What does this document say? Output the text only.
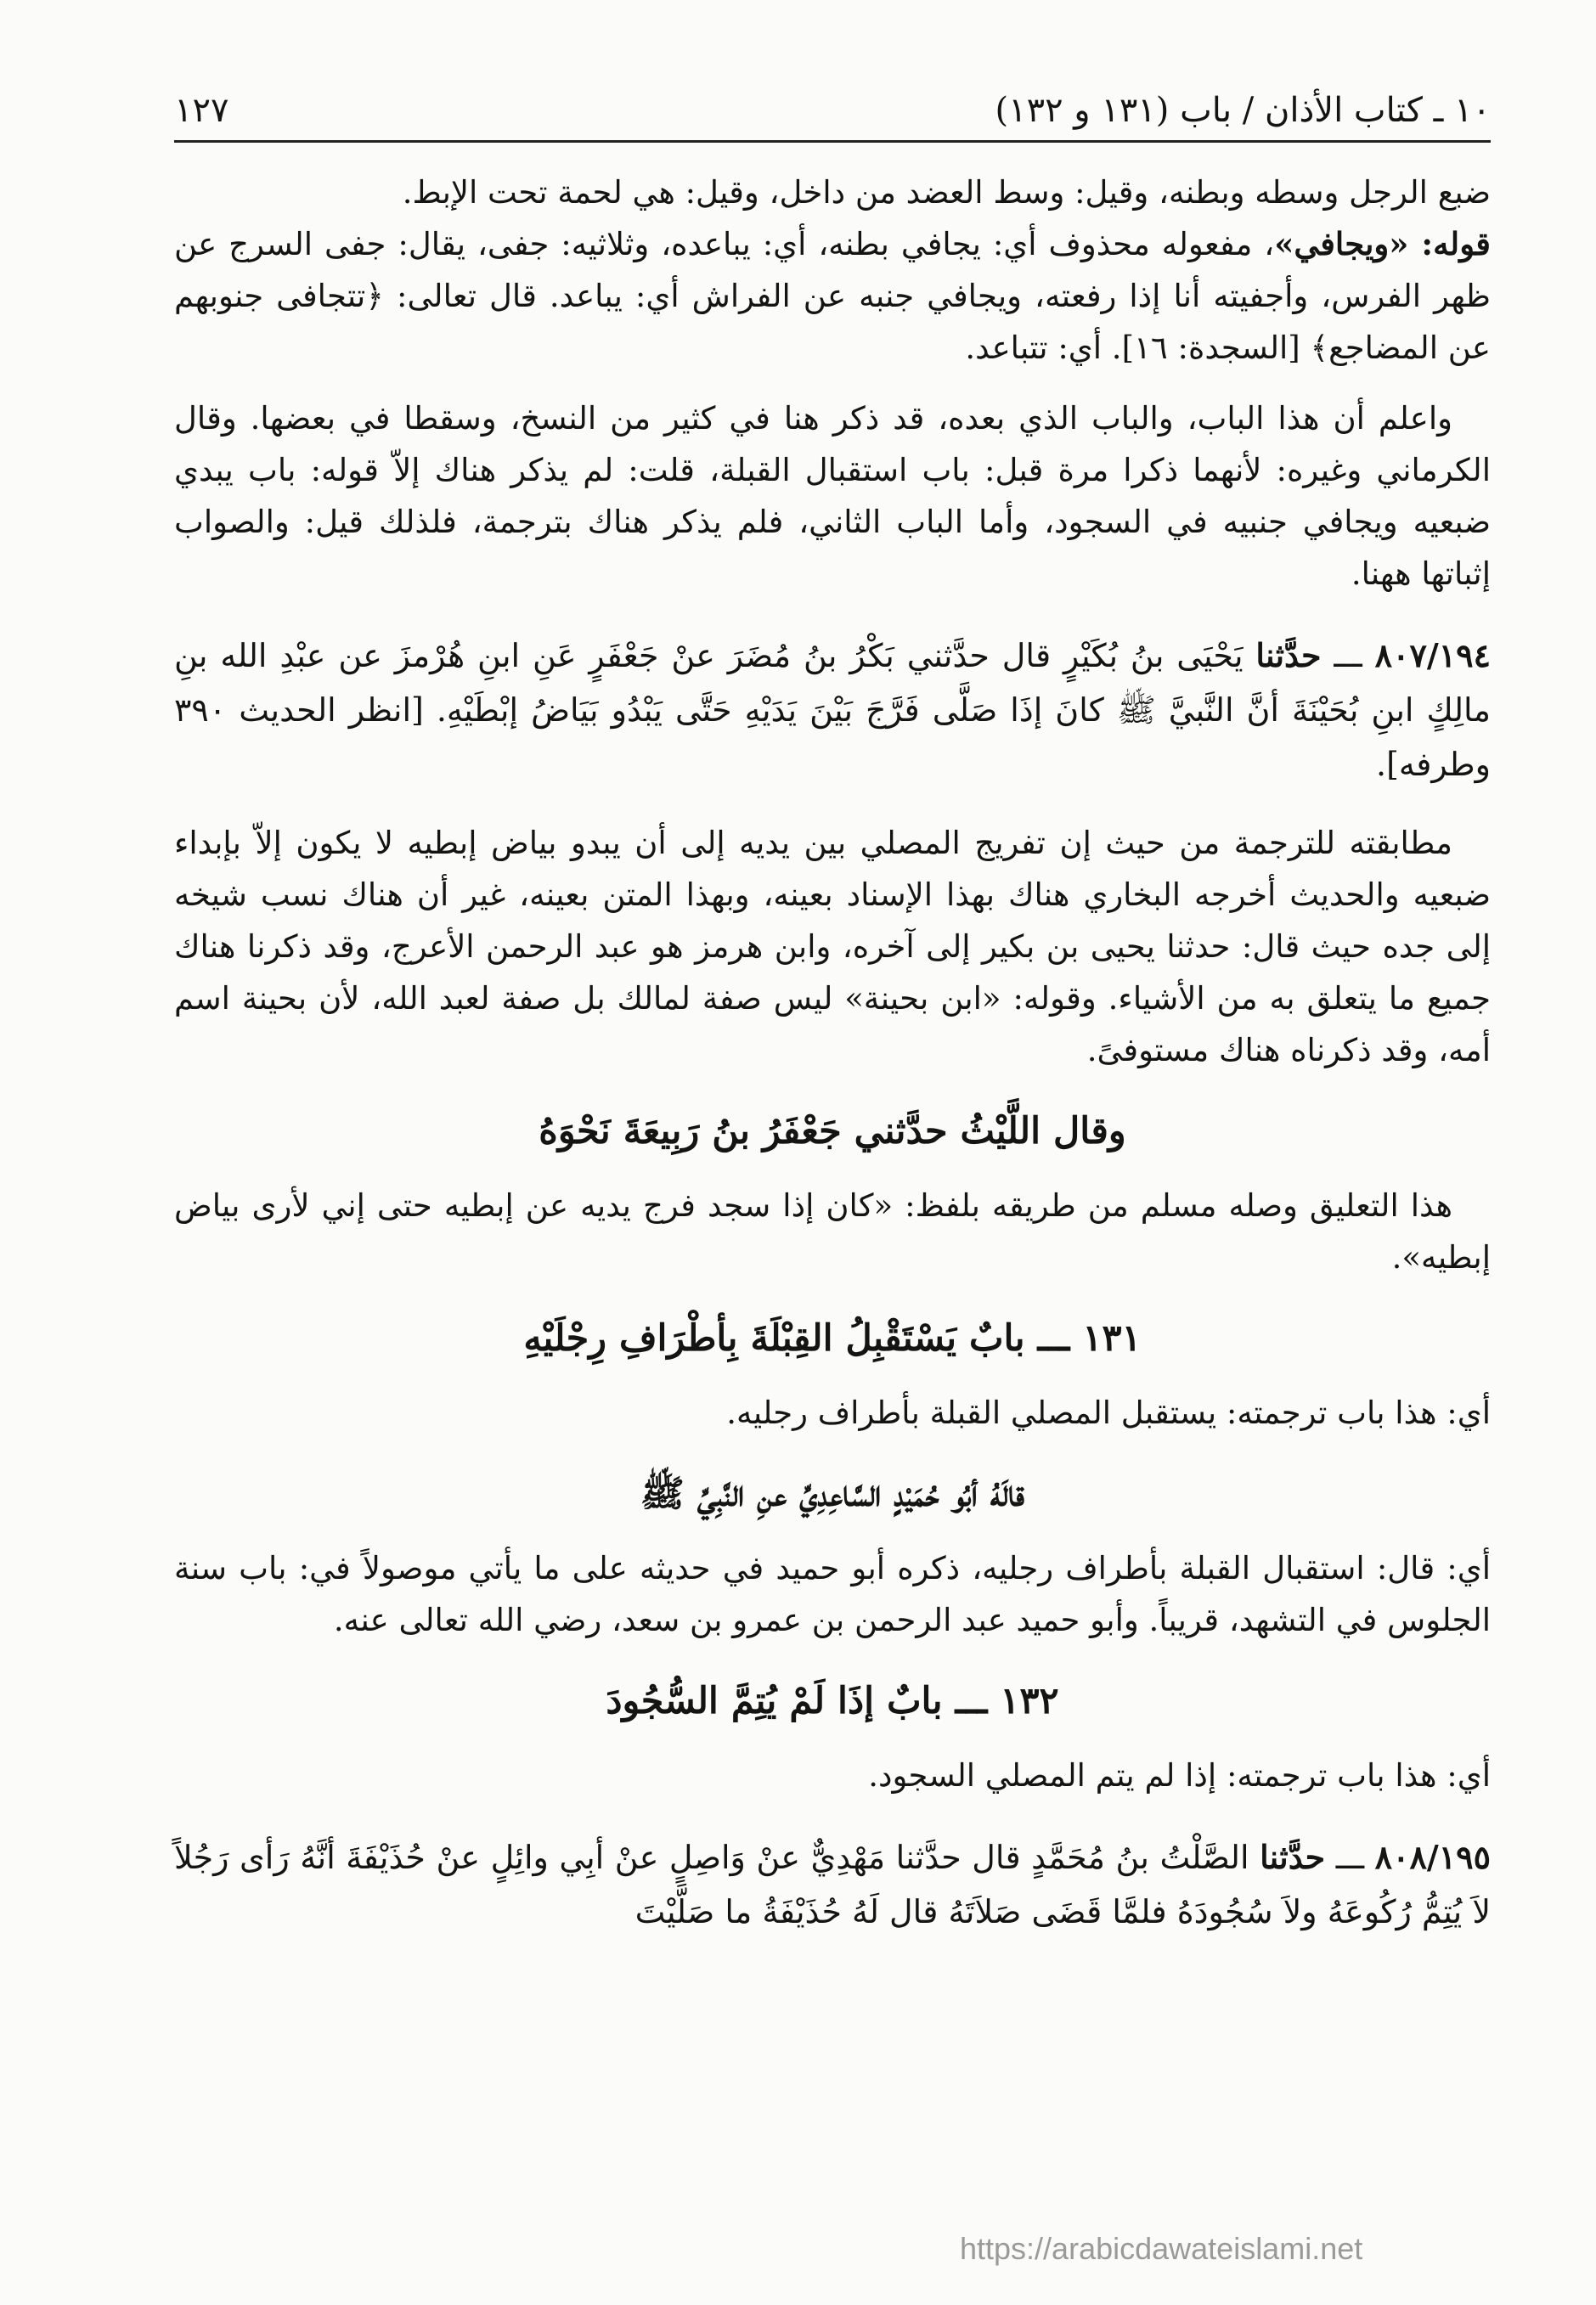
١٠ ـ كتاب الأذان / باب (١٣١ و ١٣٢)
١٢٧

ضبع الرجل وسطه وبطنه، وقيل: وسط العضد من داخل، وقيل: هي لحمة تحت الإبط.

قوله: «ويجافي»، مفعوله محذوف أي: يجافي بطنه، أي: يباعده، وثلاثيه: جفى، يقال: جفى السرج عن ظهر الفرس، وأجفيته أنا إذا رفعته، ويجافي جنبه عن الفراش أي: يباعد. قال تعالى: ﴿تتجافى جنوبهم عن المضاجع﴾ [السجدة: ١٦]. أي: تتباعد.

واعلم أن هذا الباب، والباب الذي بعده، قد ذكر هنا في كثير من النسخ، وسقطا في بعضها. وقال الكرماني وغيره: لأنهما ذكرا مرة قبل: باب استقبال القبلة، قلت: لم يذكر هناك إلاّ قوله: باب يبدي ضبعيه ويجافي جنبيه في السجود، وأما الباب الثاني، فلم يذكر هناك بترجمة، فلذلك قيل: والصواب إثباتها ههنا.

٨٠٧/١٩٤ ـــ حدَّثنا يَحْيَى بنُ بُكَيْرٍ قال حدَّثني بَكْرُ بنُ مُضَرَ عنْ جَعْفَرٍ عَنِ ابنِ هُرْمزَ عن عبْدِ الله بنِ مالِكٍ ابنِ بُحَيْنَةَ أنَّ النَّبيَّ ﷺ كانَ إذَا صَلَّى فَرَّجَ بَيْنَ يَدَيْهِ حَتَّى يَبْدُو بَيَاضُ إبْطَيْهِ. [انظر الحديث ٣٩٠ وطرفه].

مطابقته للترجمة من حيث إن تفريج المصلي بين يديه إلى أن يبدو بياض إبطيه لا يكون إلاّ بإبداء ضبعيه والحديث أخرجه البخاري هناك بهذا الإسناد بعينه، وبهذا المتن بعينه، غير أن هناك نسب شيخه إلى جده حيث قال: حدثنا يحيى بن بكير إلى آخره، وابن هرمز هو عبد الرحمن الأعرج، وقد ذكرنا هناك جميع ما يتعلق به من الأشياء. وقوله: «ابن بحينة» ليس صفة لمالك بل صفة لعبد الله، لأن بحينة اسم أمه، وقد ذكرناه هناك مستوفىً.

وقال اللَّيْثُ حدَّثني جَعْفَرُ بنُ رَبِيعَةَ نَحْوَهُ

هذا التعليق وصله مسلم من طريقه بلفظ: «كان إذا سجد فرج يديه عن إبطيه حتى إني لأرى بياض إبطيه».

١٣١ ـــ بابٌ يَسْتَقْبِلُ القِبْلَةَ بِأطْرَافِ رِجْلَيْهِ

أي: هذا باب ترجمته: يستقبل المصلي القبلة بأطراف رجليه.

قالَهُ أبُو حُمَيْدٍ السَّاعِدِيِّ عنِ النَّبِيِّ ﷺ

أي: قال: استقبال القبلة بأطراف رجليه، ذكره أبو حميد في حديثه على ما يأتي موصولاً في: باب سنة الجلوس في التشهد، قريباً. وأبو حميد عبد الرحمن بن عمرو بن سعد، رضي الله تعالى عنه.

١٣٢ ـــ بابٌ إذَا لَمْ يُتِمَّ السُّجُودَ

أي: هذا باب ترجمته: إذا لم يتم المصلي السجود.

٨٠٨/١٩٥ ـــ حدَّثنا الصَّلْتُ بنُ مُحَمَّدٍ قال حدَّثنا مَهْدِيٌّ عنْ وَاصِلٍ عنْ أبِي وائِلٍ عنْ حُذَيْفَةَ أنَّهُ رَأى رَجُلاً لاَ يُتِمُّ رُكُوعَهُ ولاَ سُجُودَهُ فلمَّا قَضَى صَلاَتَهُ قال لَهُ حُذَيْفَةُ ما صَلَّيْتَ

https://arabicdawateislami.net
